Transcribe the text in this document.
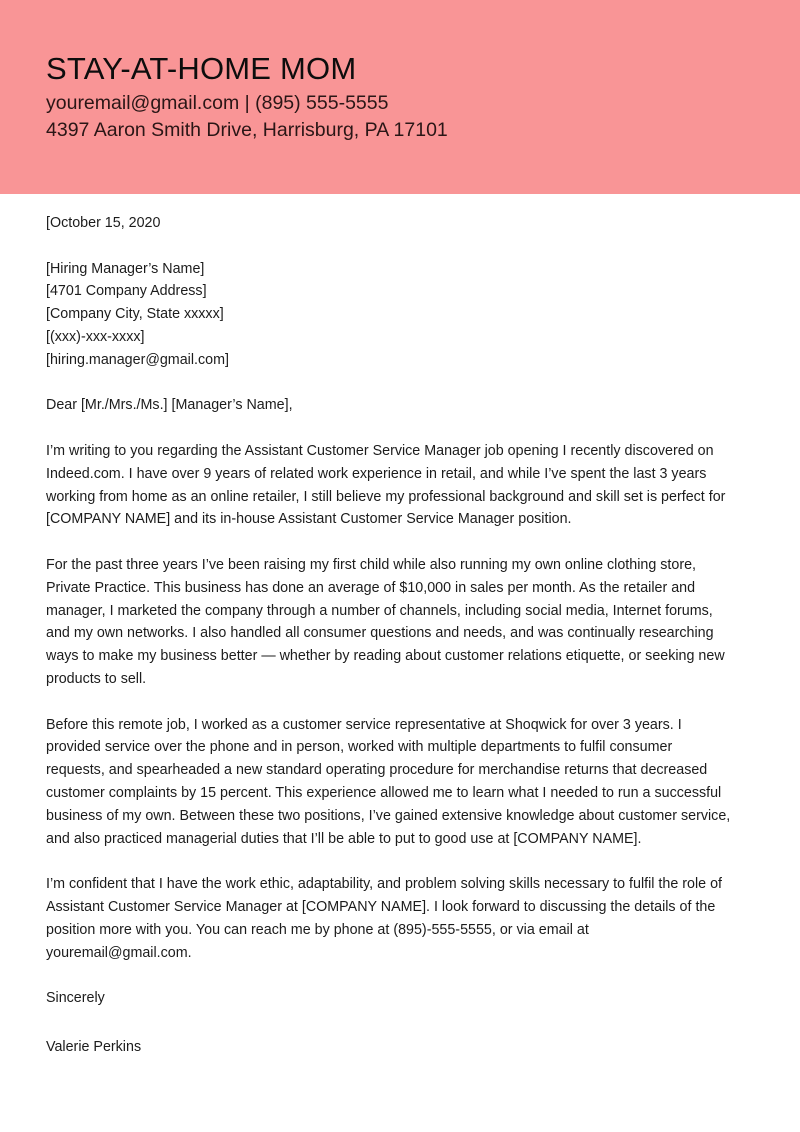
STAY-AT-HOME MOM
youremail@gmail.com | (895) 555-5555
4397 Aaron Smith Drive, Harrisburg, PA 17101

[October 15, 2020

[Hiring Manager’s Name]
[4701 Company Address]
[Company City, State xxxxx]
[(xxx)-xxx-xxxx]
[hiring.manager@gmail.com]

Dear [Mr./Mrs./Ms.] [Manager’s Name],

I’m writing to you regarding the Assistant Customer Service Manager job opening I recently discovered on
Indeed.com. I have over 9 years of related work experience in retail, and while I’ve spent the last 3 years
working from home as an online retailer, I still believe my professional background and skill set is perfect for
[COMPANY NAME] and its in-house Assistant Customer Service Manager position.

For the past three years I’ve been raising my first child while also running my own online clothing store,
Private Practice. This business has done an average of $10,000 in sales per month. As the retailer and
manager, I marketed the company through a number of channels, including social media, Internet forums,
and my own networks. I also handled all consumer questions and needs, and was continually researching
ways to make my business better — whether by reading about customer relations etiquette, or seeking new
products to sell.

Before this remote job, I worked as a customer service representative at Shoqwick for over 3 years. I
provided service over the phone and in person, worked with multiple departments to fulfil consumer
requests, and spearheaded a new standard operating procedure for merchandise returns that decreased
customer complaints by 15 percent. This experience allowed me to learn what I needed to run a successful
business of my own. Between these two positions, I’ve gained extensive knowledge about customer service,
and also practiced managerial duties that I’ll be able to put to good use at [COMPANY NAME].

I’m confident that I have the work ethic, adaptability, and problem solving skills necessary to fulfil the role of
Assistant Customer Service Manager at [COMPANY NAME]. I look forward to discussing the details of the
position more with you. You can reach me by phone at (895)-555-5555, or via email at
youremail@gmail.com.

Sincerely

Valerie Perkins
